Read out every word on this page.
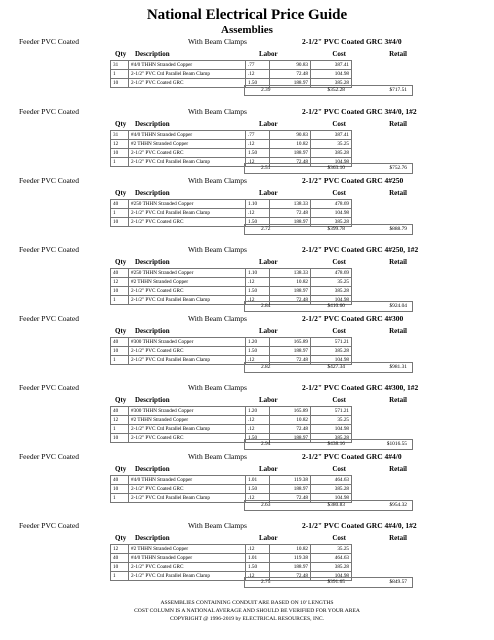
National Electrical Price Guide
Assemblies
Feeder PVC Coated	With Beam Clamps	2-1/2" PVC Coated GRC 3#4/0
Qty Description	Labor	Cost	Retail
31	#4/0 THHN Stranded Copper	.77	90.83	387.41
1	2-1/2" PVC Ctd Parallel Beam Clamp	.12	72.48	104.98
10	2-1/2" PVC Coated GRC	1.50	188.97	385.28
2.39	$352.28	$717.51
Feeder PVC Coated	With Beam Clamps	2-1/2" PVC Coated GRC 3#4/0, 1#2
Qty Description	Labor	Cost	Retail
31	#4/0 THHN Stranded Copper	.77	90.83	387.41
12	#2 THHN Stranded Copper	.12	10.82	35.25
10	2-1/2" PVC Coated GRC	1.50	188.97	385.28
1	2-1/2" PVC Ctd Parallel Beam Clamp	.12	72.48	104.98
2.51	$363.10	$752.76
Feeder PVC Coated	With Beam Clamps	2-1/2" PVC Coated GRC 4#250
Qty Description	Labor	Cost	Retail
40	#250 THHN Stranded Copper	1.10	138.33	478.69
1	2-1/2" PVC Ctd Parallel Beam Clamp	.12	72.48	104.98
10	2-1/2" PVC Coated GRC	1.50	188.97	385.28
2.72	$399.78	$888.79
Feeder PVC Coated	With Beam Clamps	2-1/2" PVC Coated GRC 4#250, 1#2
Qty Description	Labor	Cost	Retail
40	#250 THHN Stranded Copper	1.10	138.33	478.69
12	#2 THHN Stranded Copper	.12	10.82	35.25
10	2-1/2" PVC Coated GRC	1.50	188.97	385.28
1	2-1/2" PVC Ctd Parallel Beam Clamp	.12	72.48	104.98
2.84	$410.60	$924.04
Feeder PVC Coated	With Beam Clamps	2-1/2" PVC Coated GRC 4#300
Qty Description	Labor	Cost	Retail
40	#300 THHN Stranded Copper	1.20	165.89	571.21
10	2-1/2" PVC Coated GRC	1.50	188.97	385.28
1	2-1/2" PVC Ctd Parallel Beam Clamp	.12	72.48	104.98
2.82	$427.34	$981.31
Feeder PVC Coated	With Beam Clamps	2-1/2" PVC Coated GRC 4#300, 1#2
Qty Description	Labor	Cost	Retail
40	#300 THHN Stranded Copper	1.20	165.89	571.21
12	#2 THHN Stranded Copper	.12	10.82	35.25
1	2-1/2" PVC Ctd Parallel Beam Clamp	.12	72.48	104.98
10	2-1/2" PVC Coated GRC	1.50	188.97	385.28
2.94	$438.16	$1016.55
Feeder PVC Coated	With Beam Clamps	2-1/2" PVC Coated GRC 4#4/0
Qty Description	Labor	Cost	Retail
40	#4/0 THHN Stranded Copper	1.01	119.38	464.63
10	2-1/2" PVC Coated GRC	1.50	188.97	385.28
1	2-1/2" PVC Ctd Parallel Beam Clamp	.12	72.48	104.98
2.63	$380.83	$954.32
Feeder PVC Coated	With Beam Clamps	2-1/2" PVC Coated GRC 4#4/0, 1#2
Qty Description	Labor	Cost	Retail
12	#2 THHN Stranded Copper	.12	10.82	35.25
40	#4/0 THHN Stranded Copper	1.01	119.38	464.63
10	2-1/2" PVC Coated GRC	1.50	188.97	385.28
1	2-1/2" PVC Ctd Parallel Beam Clamp	.12	72.48	104.98
2.75	$391.65	$849.57
ASSEMBLIES CONTAINING CONDUIT ARE BASED ON 10' LENGTHS
COST COLUMN IS A NATIONAL AVERAGE AND SHOULD BE VERIFIED FOR YOUR AREA
COPYRIGHT @ 1996-2019 by ELECTRICAL RESOURCES, INC.
